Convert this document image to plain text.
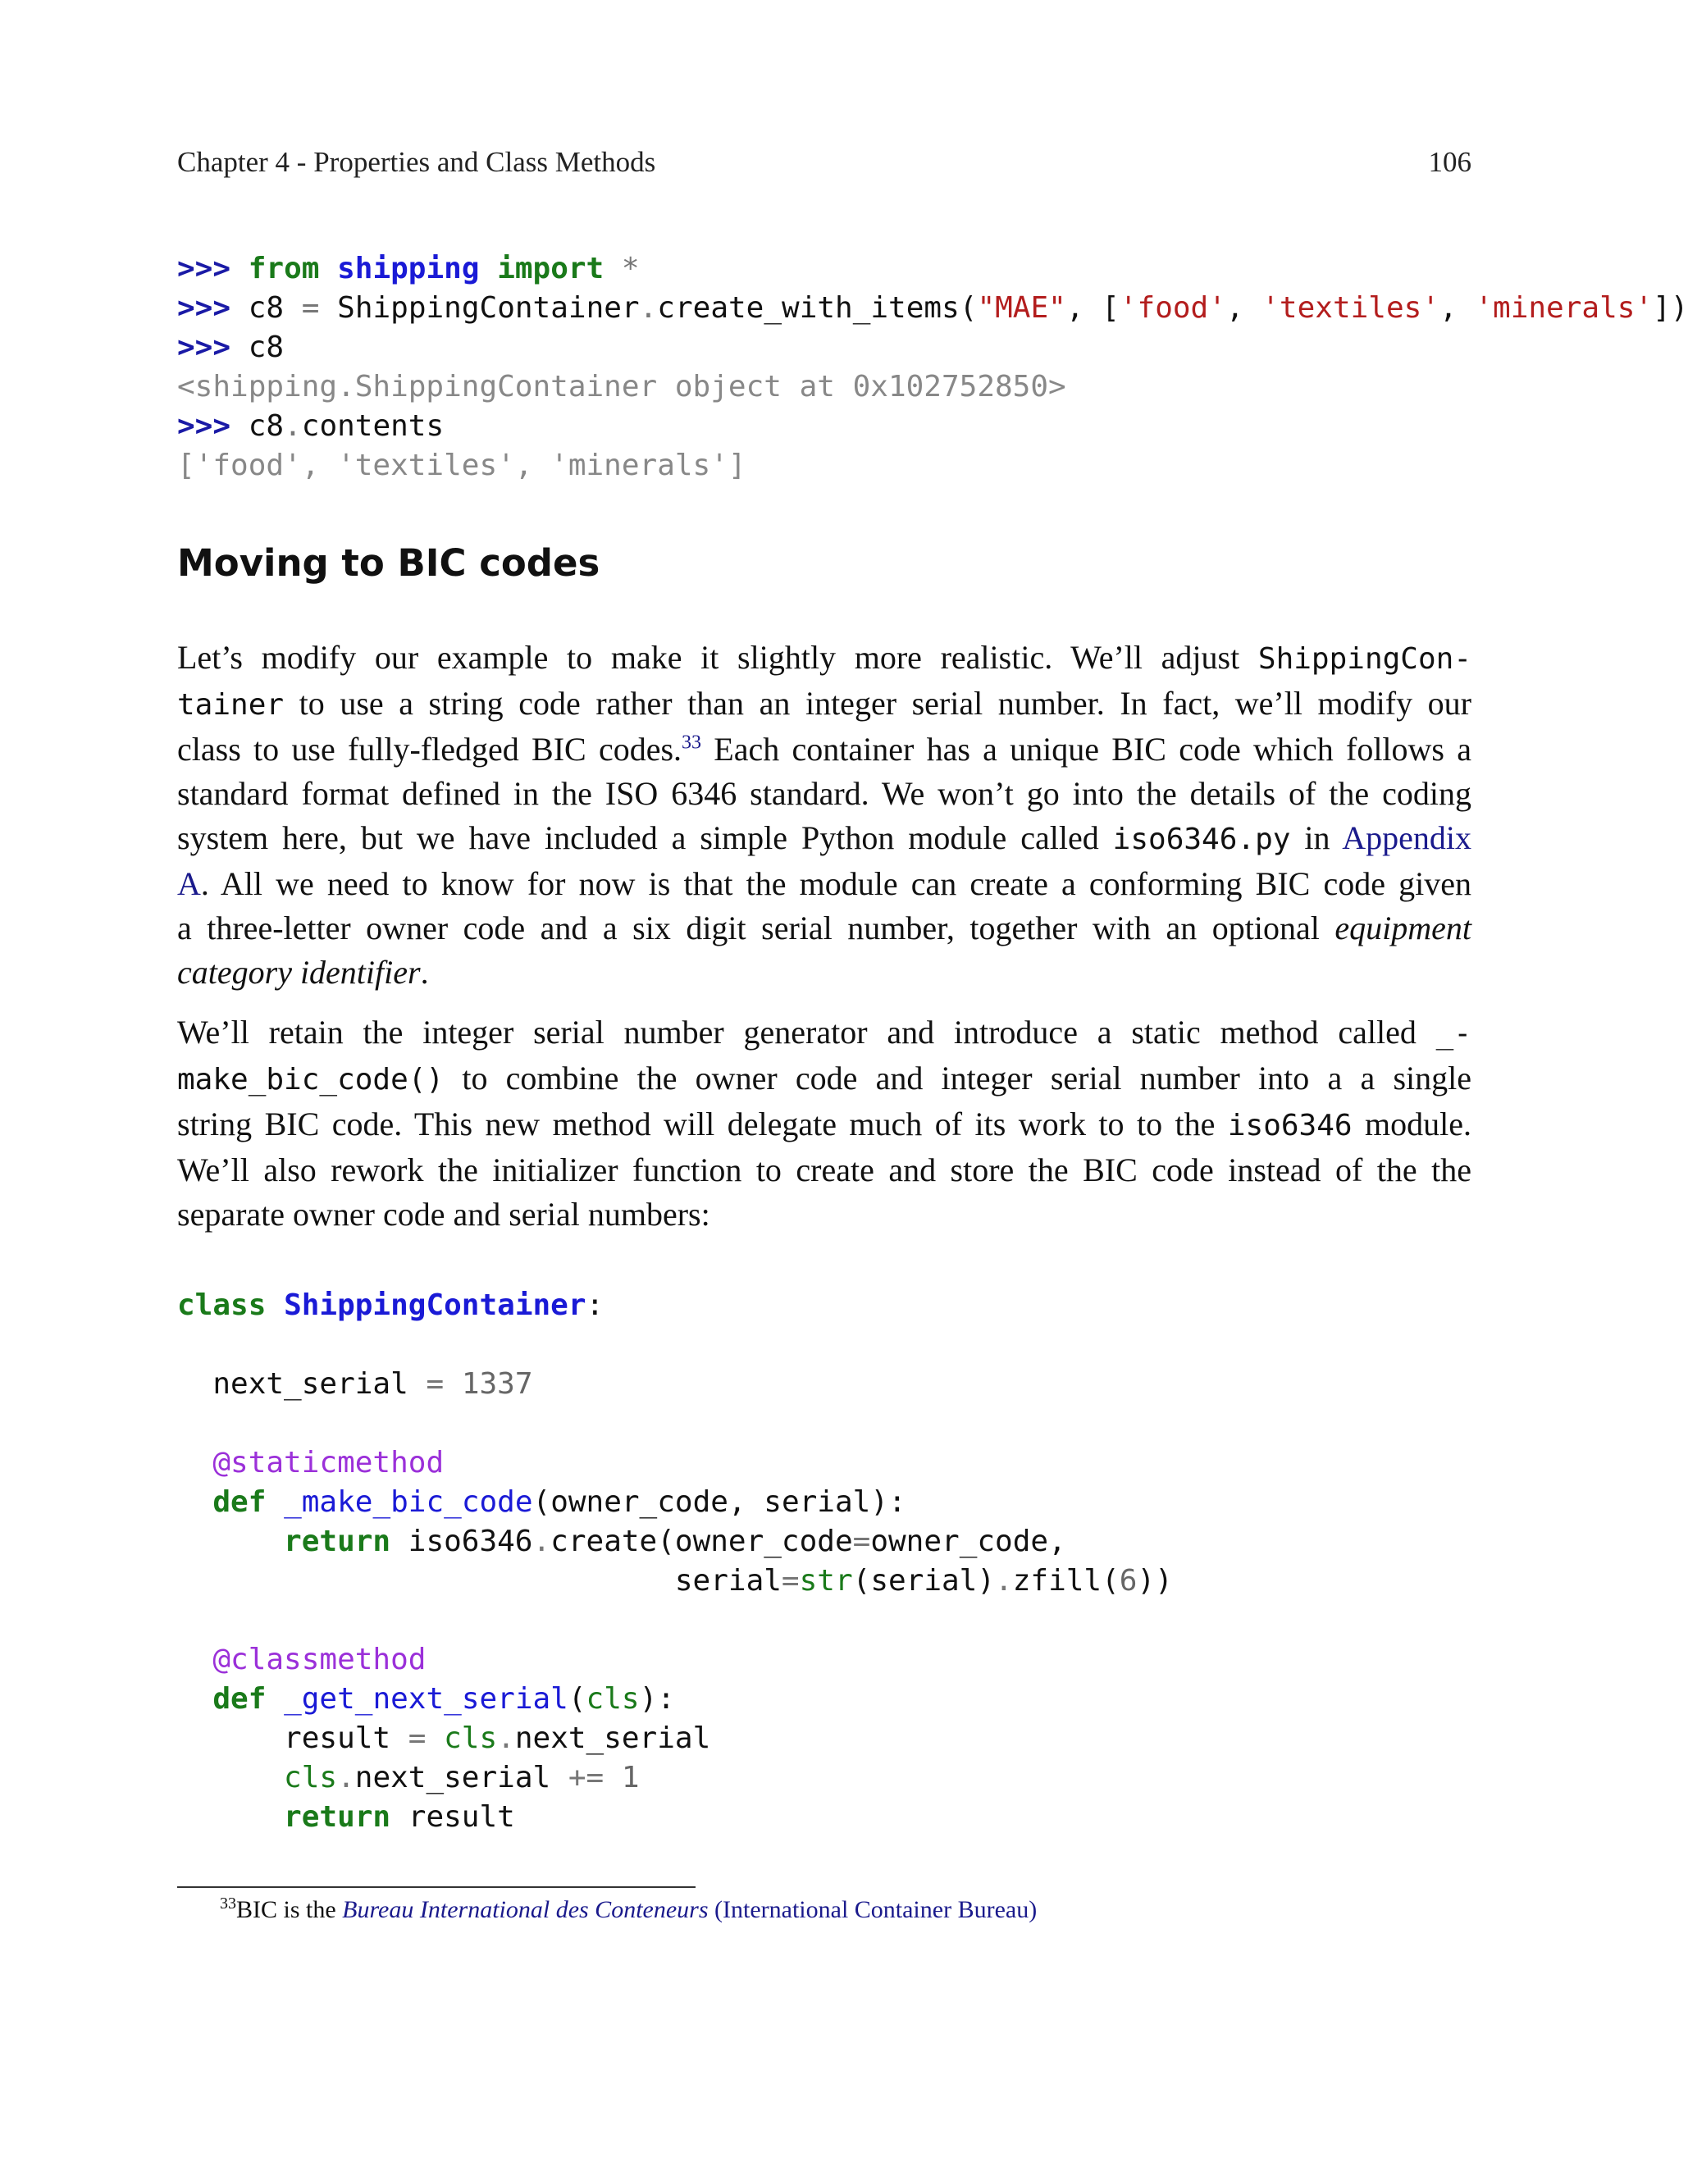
Chapter 4 - Properties and Class Methods	106
>>> from shipping import *
>>> c8 = ShippingContainer.create_with_items("MAE", ['food', 'textiles', 'minerals'])
>>> c8
<shipping.ShippingContainer object at 0x102752850>
>>> c8.contents
['food', 'textiles', 'minerals']
Moving to BIC codes
Let’s modify our example to make it slightly more realistic. We’ll adjust ShippingCon-
tainer to use a string code rather than an integer serial number. In fact, we’ll modify our
class to use fully-fledged BIC codes.$^{33}$ Each container has a unique BIC code which follows a
standard format defined in the ISO 6346 standard. We won’t go into the details of the coding
system here, but we have included a simple Python module called iso6346.py in Appendix
A. All we need to know for now is that the module can create a conforming BIC code given
a three-letter owner code and a six digit serial number, together with an optional equipment
category identifier.
We’ll retain the integer serial number generator and introduce a static method called _-
make_bic_code() to combine the owner code and integer serial number into a a single
string BIC code. This new method will delegate much of its work to to the iso6346 module.
We’ll also rework the initializer function to create and store the BIC code instead of the the
separate owner code and serial numbers:
class ShippingContainer:

next_serial = 1337

@staticmethod
def _make_bic_code(owner_code, serial):
return iso6346.create(owner_code=owner_code,
serial=str(serial).zfill(6))

@classmethod
def _get_next_serial(cls):
result = cls.next_serial
cls.next_serial += 1
return result
$^{33}$BIC is the Bureau International des Conteneurs (International Container Bureau)
